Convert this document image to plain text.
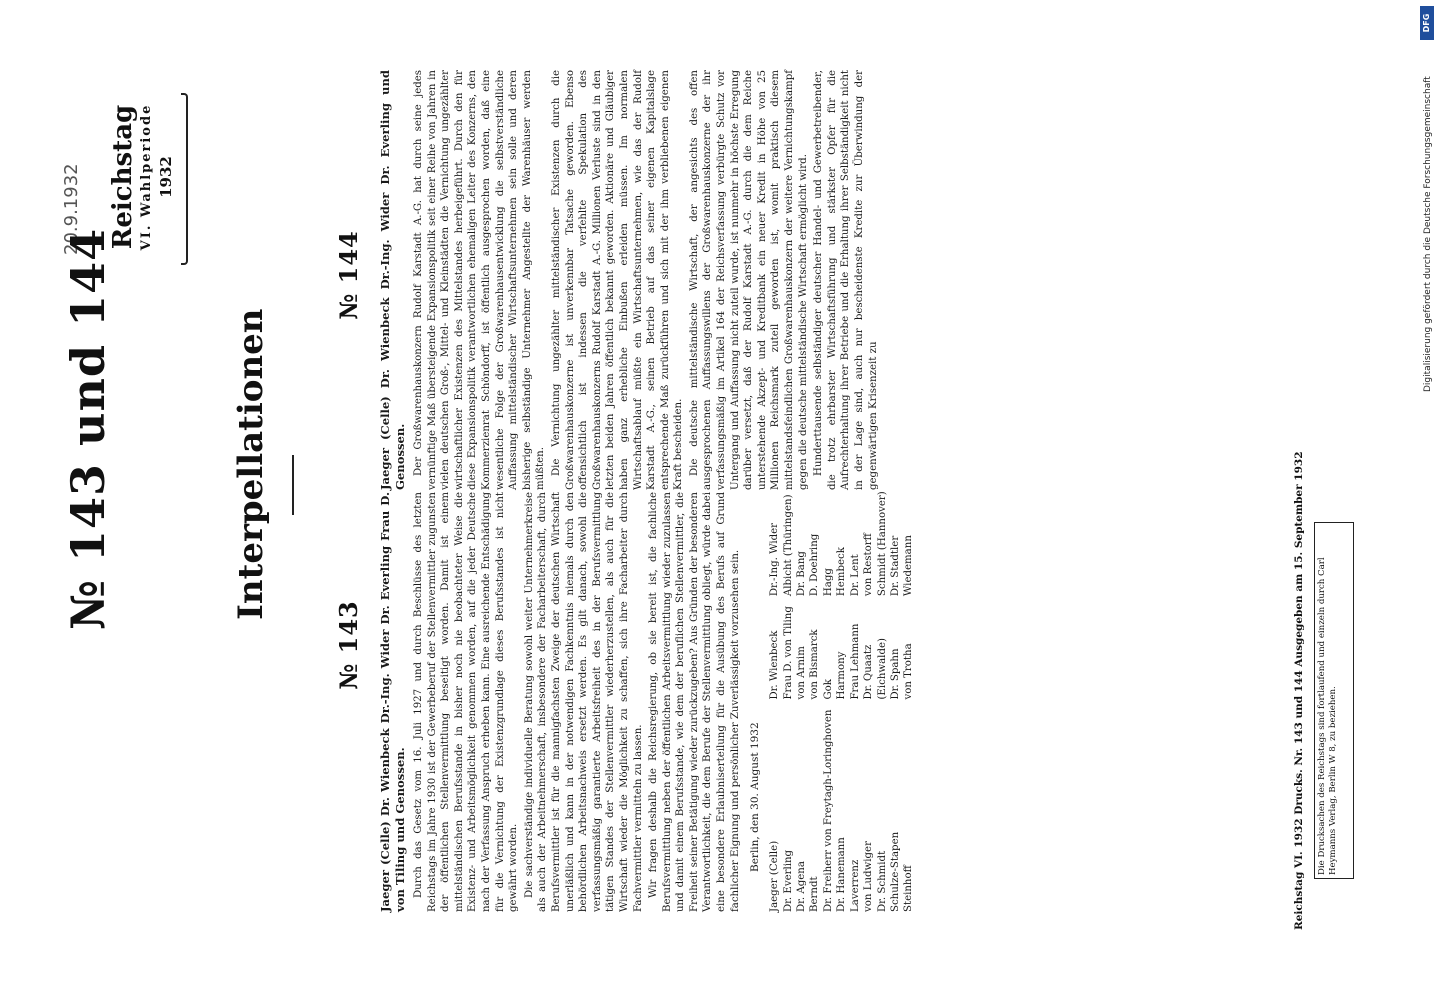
Digitalisierung gefördert durch die Deutsche Forschungsgemeinschaft
DFG
20.9.1932 Reichstag VI. Wahlperiode 1932
№ 143 und 144	Interpellationen
№ 143 Jaeger (Celle) Dr. Wienbeck Dr.-Ing. Wider Dr. Everling Frau D. von Tiling und Genossen. Durch das Gesetz vom 16. Juli 1927 und durch Beschlüsse des letzten Reichstags im Jahre 1930 ist der Gewerbeberuf der Stellenvermittler zugunsten der öffentlichen Stellenvermittlung beseitigt worden. Damit ist einem mittelständischen Berufsstande in bisher noch nie beobachteter Weise die Existenz- und Arbeitsmöglichkeit genommen worden, auf die jeder Deutsche nach der Verfassung Anspruch erheben kann. Eine ausreichende Entschädigung für die Vernichtung der Existenzgrundlage dieses Berufsstandes ist nicht gewährt worden. Die sachverständige individuelle Beratung sowohl weiter Unternehmerkreise als auch der Arbeitnehmerschaft, insbesondere der Facharbeiterschaft, durch Berufsvermittler ist für die mannigfachsten Zweige der deutschen Wirtschaft unerläßlich und kann in der notwendigen Fachkenntnis niemals durch den behördlichen Arbeitsnachweis ersetzt werden. Es gilt danach, sowohl die verfassungsmäßig garantierte Arbeitsfreiheit des in der Berufsvermittlung tätigen Standes der Stellenvermittler wiederherzustellen, als auch für die Wirtschaft wieder die Möglichkeit zu schaffen, sich ihre Facharbeiter durch Fachvermittler vermitteln zu lassen. Wir fragen deshalb die Reichsregierung, ob sie bereit ist, die fachliche Berufsvermittlung neben der öffentlichen Arbeitsvermittlung wieder zuzulassen und damit einem Berufsstande, wie dem der beruflichen Stellenvermittler, die Freiheit seiner Betätigung wieder zurückzugeben? Aus Gründen der besonderen Verantwortlichkeit, die dem Berufe der Stellenvermittlung obliegt, würde dabei eine besondere Erlaubniserteilung für die Ausübung des Berufs auf Grund fachlicher Eignung und persönlicher Zuverlässigkeit vorzusehen sein. Berlin, den 30. August 1932
Jaeger (Celle)
Dr. Wienbeck
Dr.-Ing. Wider
Dr. Everling
Frau D. von Tiling
Albicht (Thüringen)
Dr. Agena
von Arnim
Dr. Bang
Berndt
von Bismarck
D. Doehring
Dr. Freiherr von Freytagh-Loringhoven
Gok
Hagg
Dr. Hanemann
Harmony
Hembeck
Laverrenz
Frau Lehmann
Dr. Lent
von Ludwiger
Dr. Quaatz
von Restorff
Dr. Schmidt
(Eichwalde)
Schmidt (Hannover)
Schulze-Stapen
Dr. Spahn
Dr. Stadtler
Steinhoff
von Trotha
Wiedemann
№ 144 Jaeger (Celle) Dr. Wienbeck Dr.-Ing. Wider Dr. Everling und Genossen. Der Großwarenhauskonzern Rudolf Karstadt A.-G. hat durch seine jedes vernünftige Maß übersteigende Expansionspolitik seit einer Reihe von Jahren in vielen deutschen Groß-, Mittel- und Kleinstädten die Vernichtung ungezählter wirtschaftlicher Existenzen des Mittelstandes herbeigeführt. Durch den für diese Expansionspolitik verantwortlichen ehemaligen Leiter des Konzerns, den Kommerzienrat Schöndorff, ist öffentlich ausgesprochen worden, daß eine wesentliche Folge der Großwarenhausentwicklung die selbstverständliche Auffassung mittelständischer Wirtschaftsunternehmen sein solle und deren bisherige selbständige Unternehmer Angestellte der Warenhäuser werden müßten. Die Vernichtung ungezählter mittelständischer Existenzen durch die Großwarenhauskonzerne ist unverkennbar Tatsache geworden. Ebenso offensichtlich ist indessen die verfehlte Spekulation des Großwarenhauskonzerns Rudolf Karstadt A.-G. Millionen Verluste sind in den letzten beiden Jahren öffentlich bekannt geworden. Aktionäre und Gläubiger haben ganz erhebliche Einbußen erleiden müssen. Im normalen Wirtschaftsablauf müßte ein Wirtschaftsunternehmen, wie das der Rudolf Karstadt A.-G., seinen Betrieb auf das seiner eigenen Kapitalslage entsprechende Maß zurückführen und sich mit der ihm verbliebenen eigenen Kraft bescheiden. Die deutsche mittelständische Wirtschaft, der angesichts des offen ausgesprochenen Auffassungswillens der Großwarenhauskonzerne der ihr verfassungsmäßig im Artikel 164 der Reichsverfassung verbürgte Schutz vor Untergang und Auffassung nicht zuteil wurde, ist nunmehr in höchste Erregung darüber versetzt, daß der Rudolf Karstadt A.-G. durch die dem Reiche unterstehende Akzept- und Kreditbank ein neuer Kredit in Höhe von 25 Millionen Reichsmark zuteil geworden ist, womit praktisch diesem mittelstandsfeindlichen Großwarenhauskonzern der weitere Vernichtungskampf gegen die deutsche mittelständische Wirtschaft ermöglicht wird. Hunderttausende selbständiger deutscher Handel- und Gewerbetreibender, die trotz ehrbarster Wirtschaftsführung und stärkster Opfer für die Aufrechterhaltung ihrer Betriebe und die Erhaltung ihrer Selbständigkeit nicht in der Lage sind, auch nur bescheidenste Kredite zur Überwindung der gegenwärtigen Krisenzeit zu

Reichstag VI. 1932 Drucks. Nr. 143 und 144 Ausgegeben am 15. September 1932	Die Drucksachen des Reichstags sind fortlaufend und einzeln durch Carl Heymanns Verlag, Berlin W 8, zu beziehen.
